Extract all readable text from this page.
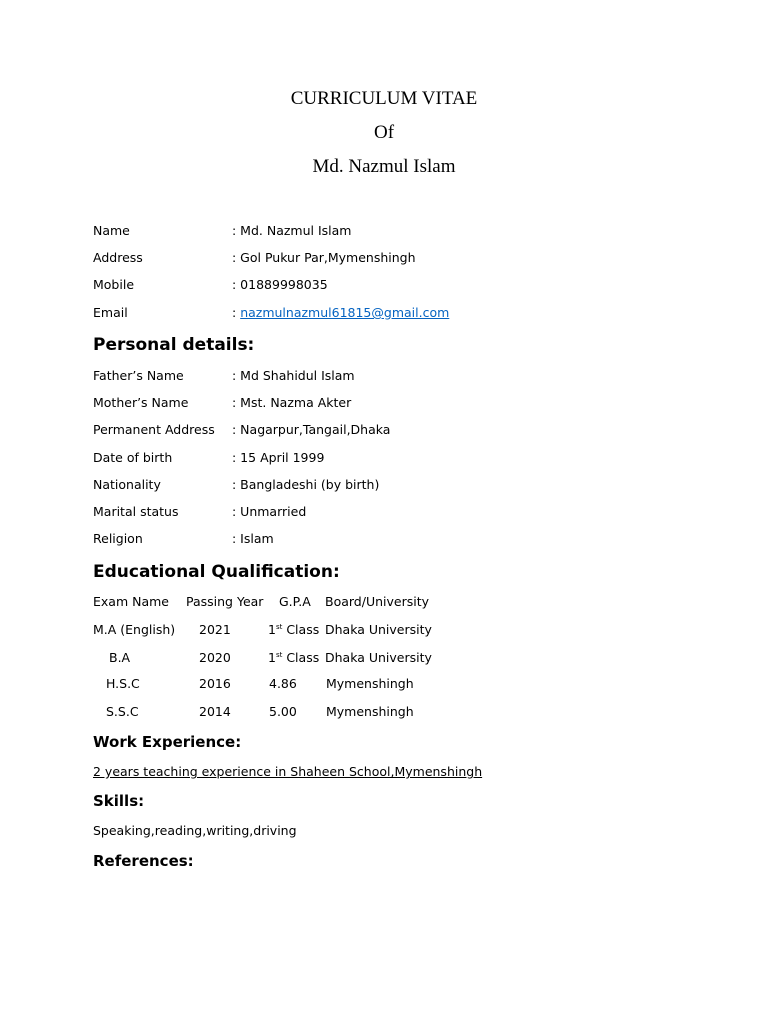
CURRICULUM VITAE
Of
Md. Nazmul Islam
Name	: Md. Nazmul Islam
Address	: Gol Pukur Par,Mymenshingh
Mobile	: 01889998035
Email	: nazmulnazmul61815@gmail.com
Personal details:
Father’s Name	: Md Shahidul Islam
Mother’s Name	: Mst. Nazma Akter
Permanent Address : Nagarpur,Tangail,Dhaka
Date of birth	: 15 April 1999
Nationality	: Bangladeshi (by birth)
Marital status	: Unmarried
Religion	: Islam
Educational Qualification:
Exam Name Passing Year G.P.A Board/University
M.A (English) 2021	1st Class Dhaka University
B.A	2020	1st Class Dhaka University
H.S.C	2016	4.86 Mymenshingh
S.S.C	2014	5.00 Mymenshingh
Work Experience:
2 years teaching experience in Shaheen School,Mymenshingh
Skills:
Speaking,reading,writing,driving
References:
